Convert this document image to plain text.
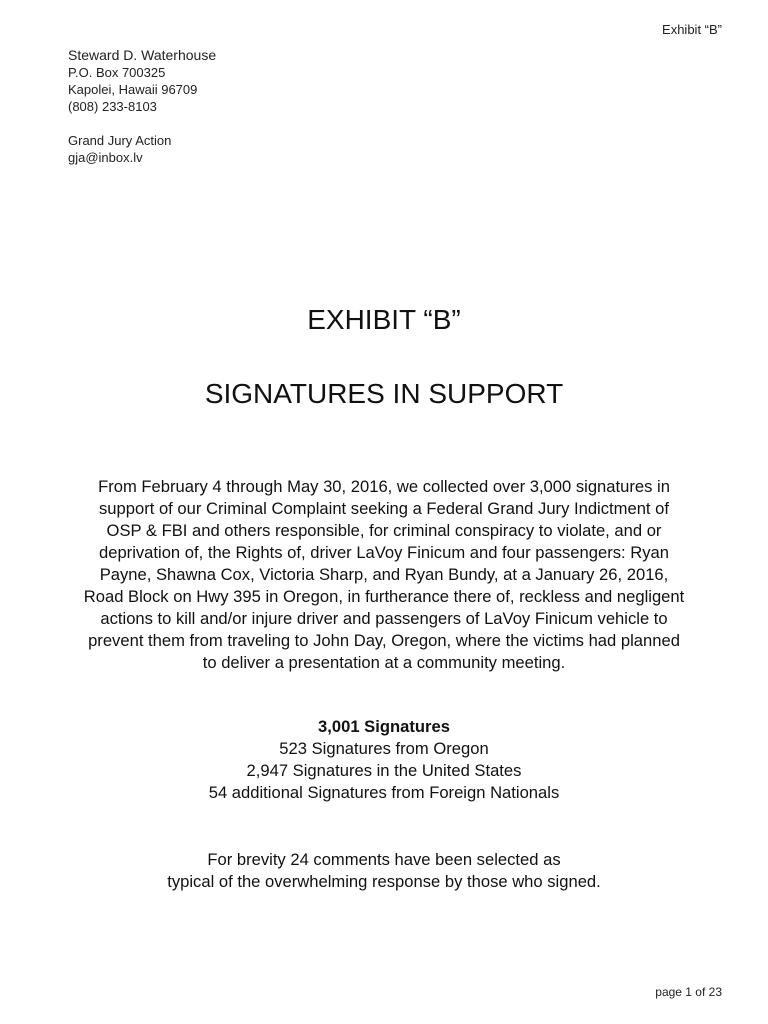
Exhibit “B”
Steward D. Waterhouse
P.O. Box 700325
Kapolei, Hawaii 96709
(808) 233-8103
Grand Jury Action
gja@inbox.lv
EXHIBIT “B”
SIGNATURES IN SUPPORT
From February 4 through May 30, 2016, we collected over 3,000 signatures in
support of our Criminal Complaint seeking a Federal Grand Jury Indictment of
OSP & FBI and others responsible, for criminal conspiracy to violate, and or
deprivation of, the Rights of, driver LaVoy Finicum and four passengers: Ryan
Payne, Shawna Cox, Victoria Sharp, and Ryan Bundy, at a January 26, 2016,
Road Block on Hwy 395 in Oregon, in furtherance there of, reckless and negligent
actions to kill and/or injure driver and passengers of LaVoy Finicum vehicle to
prevent them from traveling to John Day, Oregon, where the victims had planned
to deliver a presentation at a community meeting.
3,001 Signatures
523 Signatures from Oregon
2,947 Signatures in the United States
54 additional Signatures from Foreign Nationals
For brevity 24 comments have been selected as
typical of the overwhelming response by those who signed.
page 1 of 23
